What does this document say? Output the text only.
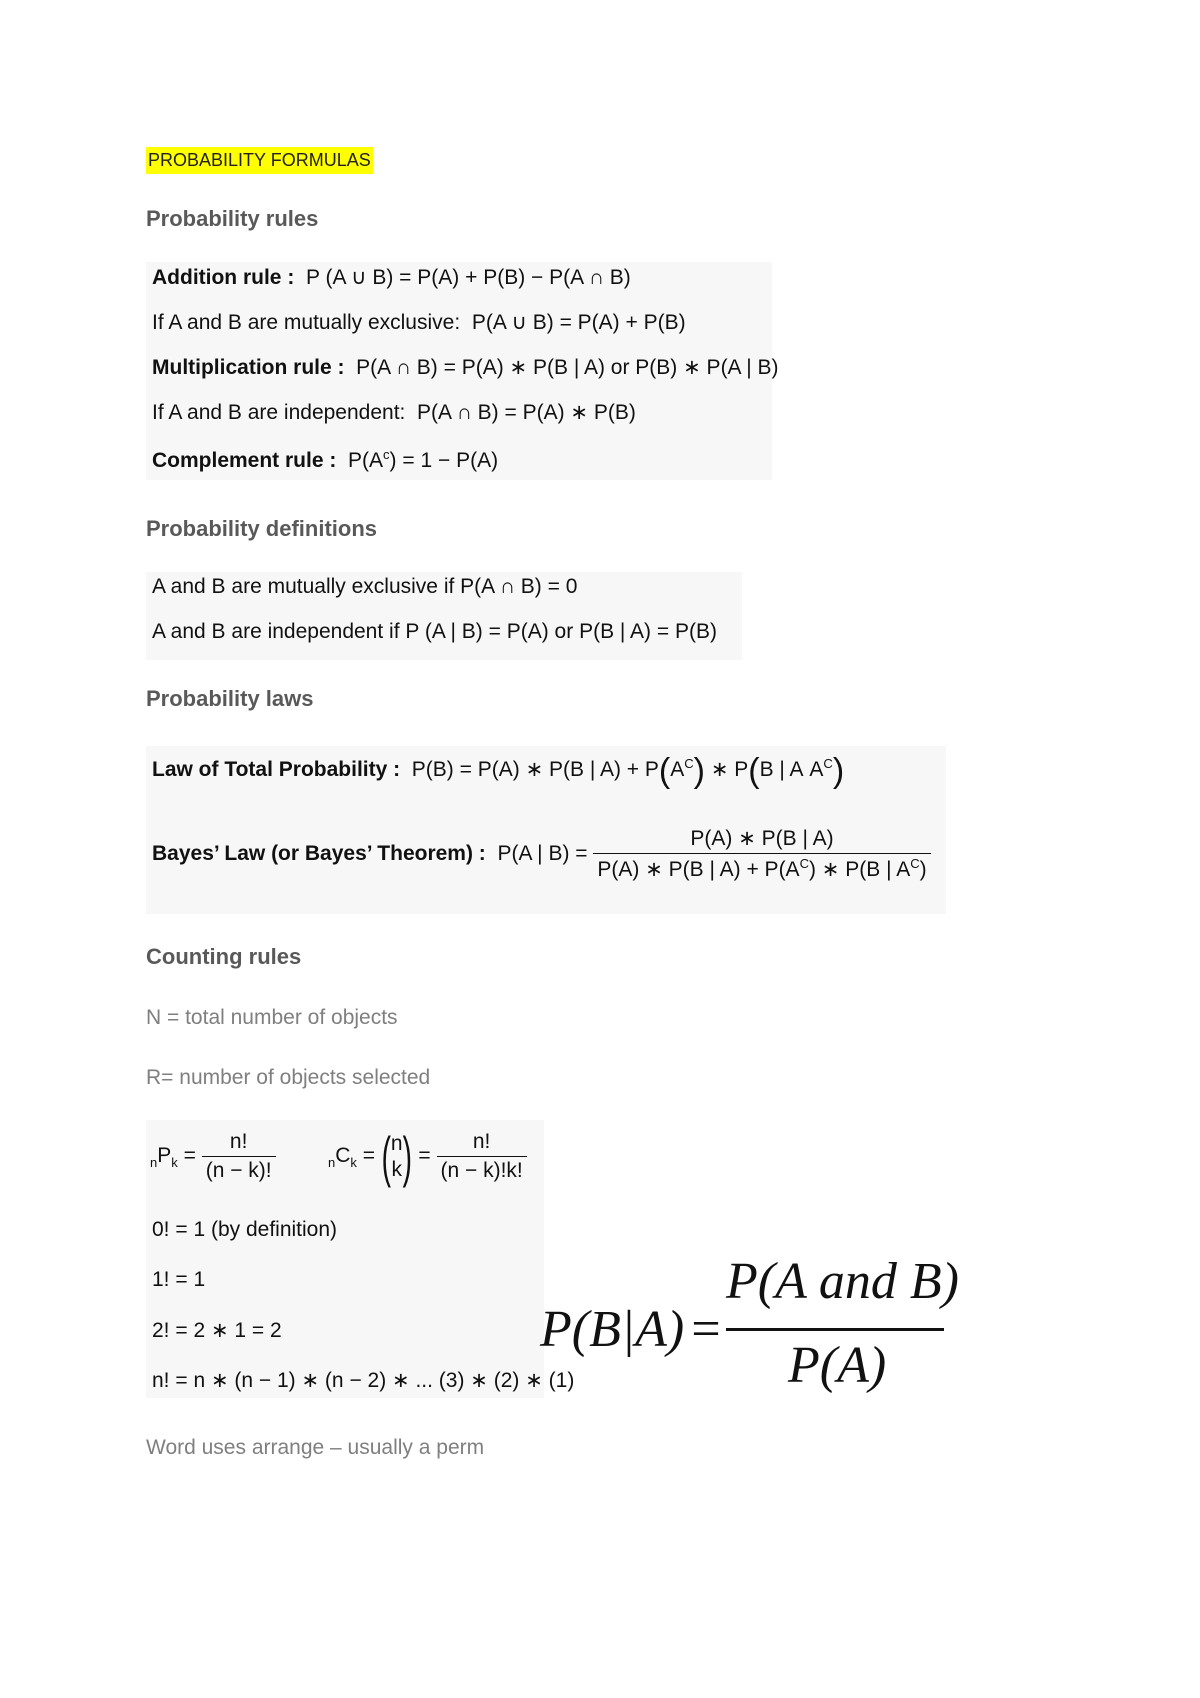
PROBABILITY FORMULAS
Probability rules
Addition rule : P (A ∪ B) = P(A) + P(B) − P(A ∩ B)
If A and B are mutually exclusive: P(A ∪ B) = P(A) + P(B)
Multiplication rule : P(A ∩ B) = P(A) ∗ P(B | A) or P(B) ∗ P(A | B)
If A and B are independent: P(A ∩ B) = P(A) ∗ P(B)
Complement rule : $P(A^c) = 1 - P(A)$
Probability definitions
A and B are mutually exclusive if P(A ∩ B) = 0
A and B are independent if P (A | B) = P(A) or P(B | A) = P(B)
Probability laws
Law of Total Probability : P(B) = P(A) ∗ P(B | $A) + P(A^C)$ ∗ P(B | A $A^C$)
Bayes’ Law (or Bayes’ Theorem) : P(A | $B) = \frac{P(A) ∗ P(B | A)}{P(A) ∗ P(B | A) + P(A^C) ∗ P(B | A^C)}$
Counting rules
N = total number of objects
R= number of objects selected
$_nP_k = \frac{n!}{(n - k)!}$	$_nC_k$ = ( n
k ) = $\frac{n!}{(n - k)!k!}$
0! = 1 (by definition)
1! = 1
2! = 2 ∗ 1 = 2
n! = n ∗ (n − 1) ∗ (n − 2) ∗ ... (3) ∗ (2) ∗ (1)
P(B|A) =
P(A and B)
P(A)
Word uses arrange – usually a perm
